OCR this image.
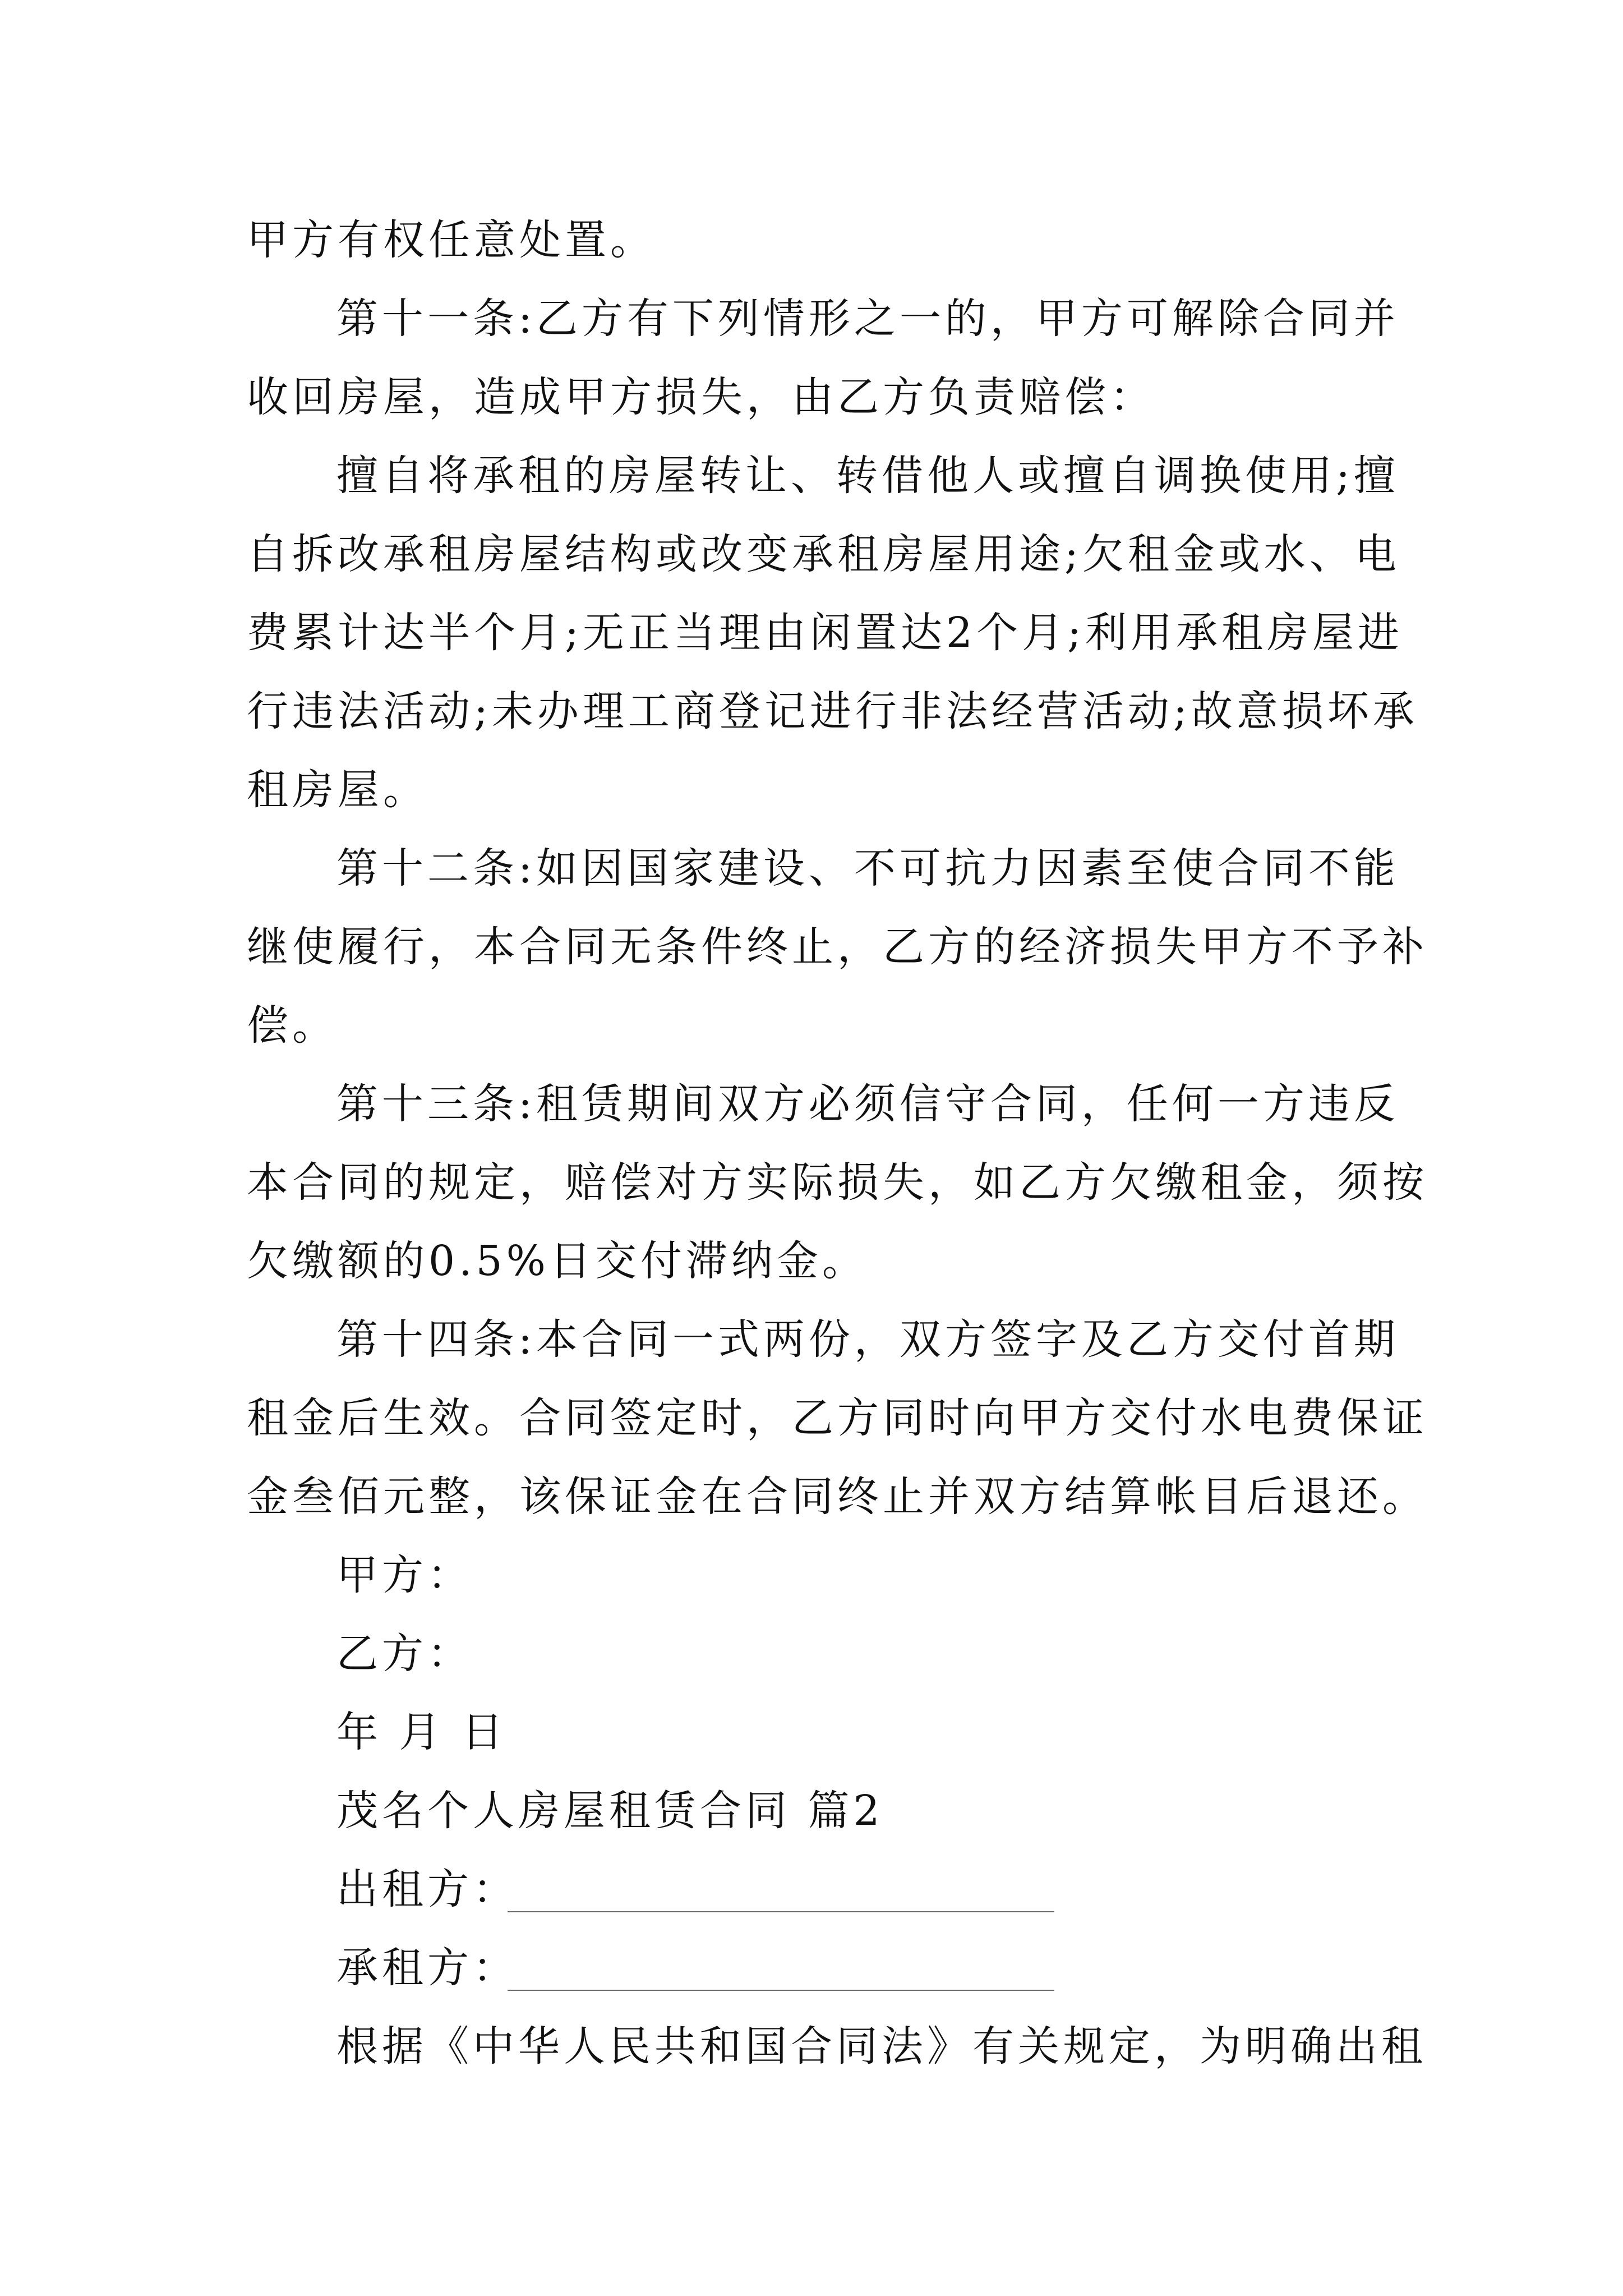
甲方有权任意处置。
第十一条:乙方有下列情形之一的，甲方可解除合同并
收回房屋，造成甲方损失，由乙方负责赔偿：
擅自将承租的房屋转让、转借他人或擅自调换使用;擅
自拆改承租房屋结构或改变承租房屋用途;欠租金或水、电
费累计达半个月;无正当理由闲置达2个月;利用承租房屋进
行违法活动;未办理工商登记进行非法经营活动;故意损坏承
租房屋。
第十二条:如因国家建设、不可抗力因素至使合同不能
继使履行，本合同无条件终止，乙方的经济损失甲方不予补
偿。
第十三条:租赁期间双方必须信守合同，任何一方违反
本合同的规定，赔偿对方实际损失，如乙方欠缴租金，须按
欠缴额的0.5%日交付滞纳金。
第十四条:本合同一式两份，双方签字及乙方交付首期
租金后生效。合同签定时，乙方同时向甲方交付水电费保证
金叁佰元整，该保证金在合同终止并双方结算帐目后退还。
甲方：
乙方：
年 月 日
茂名个人房屋租赁合同 篇2
出租方：
承租方：
根据《中华人民共和国合同法》有关规定，为明确出租
